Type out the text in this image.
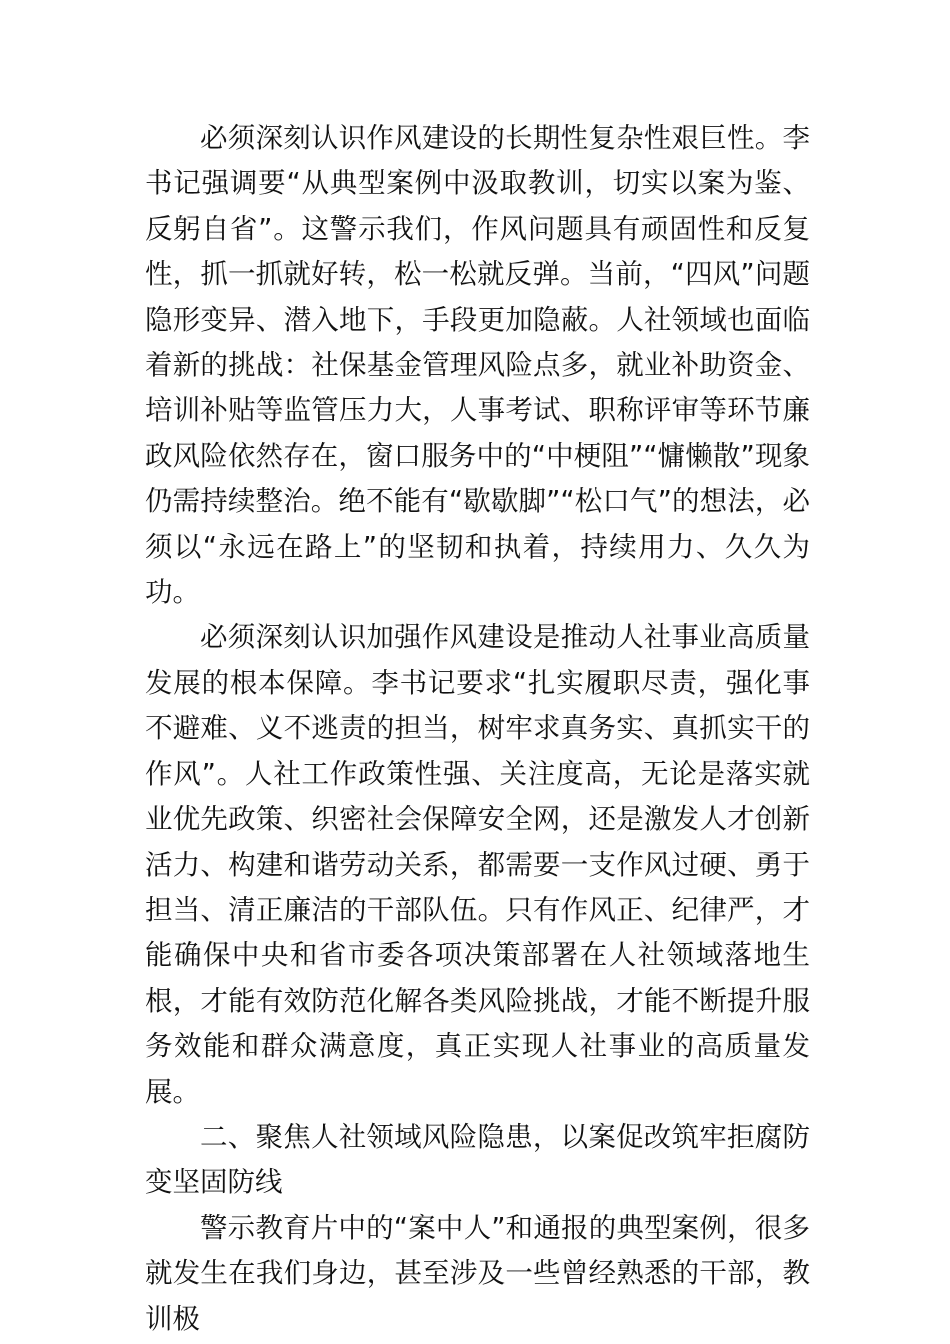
必须深刻认识作风建设的长期性复杂性艰巨性。李书记强调要“从典型案例中汲取教训，切实以案为鉴、反躬自省”。这警示我们，作风问题具有顽固性和反复性，抓一抓就好转，松一松就反弹。当前，“四风”问题隐形变异、潜入地下，手段更加隐蔽。人社领域也面临着新的挑战：社保基金管理风险点多，就业补助资金、培训补贴等监管压力大，人事考试、职称评审等环节廉政风险依然存在，窗口服务中的“中梗阻”“慵懒散”现象仍需持续整治。绝不能有“歇歇脚”“松口气”的想法，必须以“永远在路上”的坚韧和执着，持续用力、久久为功。

必须深刻认识加强作风建设是推动人社事业高质量发展的根本保障。李书记要求“扎实履职尽责，强化事不避难、义不逃责的担当，树牢求真务实、真抓实干的作风”。人社工作政策性强、关注度高，无论是落实就业优先政策、织密社会保障安全网，还是激发人才创新活力、构建和谐劳动关系，都需要一支作风过硬、勇于担当、清正廉洁的干部队伍。只有作风正、纪律严，才能确保中央和省市委各项决策部署在人社领域落地生根，才能有效防范化解各类风险挑战，才能不断提升服务效能和群众满意度，真正实现人社事业的高质量发展。

二、聚焦人社领域风险隐患，以案促改筑牢拒腐防变坚固防线

警示教育片中的“案中人”和通报的典型案例，很多就发生在我们身边，甚至涉及一些曾经熟悉的干部，教训极
